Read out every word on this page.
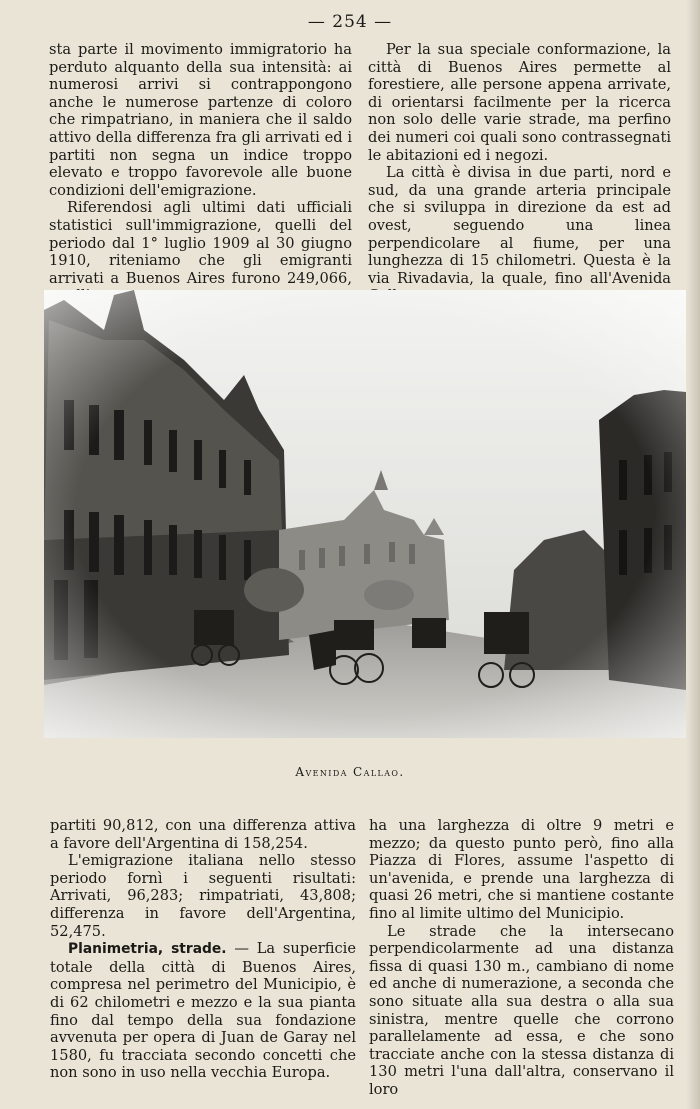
— 254 —

sta parte il movimento immigratorio ha perduto alquanto della sua intensità: ai numerosi arrivi si contrappongono anche le numerose partenze di coloro che rimpatriano, in maniera che il saldo attivo della differenza fra gli arrivati ed i partiti non segna un indice troppo elevato e troppo favorevole alle buone condizioni dell'emigrazione.

Riferendosi agli ultimi dati ufficiali statistici sull'immigrazione, quelli del periodo dal 1° luglio 1909 al 30 giugno 1910, riteniamo che gli emigranti arrivati a Buenos Aires furono 249,066,

Per la sua speciale conformazione, la città di Buenos Aires permette al forestiere, alle persone appena arrivate, di orientarsi facilmente per la ricerca non solo delle varie strade, ma perfino dei numeri coi quali sono contrassegnati le abitazioni ed i negozi.

La città è divisa in due parti, nord e sud, da una grande arteria principale che si sviluppa in direzione da est ad ovest, seguendo una linea perpendicolare al fiume, per una lunghezza di 15 chilometri. Questa è la via Rivadavia, la quale, fino all'Avenida

Avenida Callao.

partiti 90,812, con una differenza attiva a favore dell'Argentina di 158,254.

L'emigrazione italiana nello stesso periodo fornì i seguenti risultati: Arrivati, 96,283; rimpatriati, 43,808; differenza in favore dell'Argentina, 52,475.

Planimetria, strade. — La superficie totale della città di Buenos Aires, compresa nel perimetro del Municipio, è di 62 chilometri e mezzo e la sua pianta fino dal tempo della sua fondazione avvenuta per opera di Juan de Garay nel 1580, fu tracciata secondo concetti che non sono in uso nella vecchia Europa.

ha una larghezza di oltre 9 metri e mezzo; da questo punto però, fino alla Piazza di Flores, assume l'aspetto di un'avenida, e prende una larghezza di quasi 26 metri, che si mantiene costante fino al limite ultimo del Municipio.

Le strade che la intersecano perpendicolarmente ad una distanza fissa di quasi 130 m., cambiano di nome ed anche di numerazione, a seconda che sono situate alla sua destra o alla sua sinistra, mentre quelle che corrono parallelamente ad essa, e che sono tracciate anche con la stessa distanza di 130 metri l'una dall'altra, conservano il loro
